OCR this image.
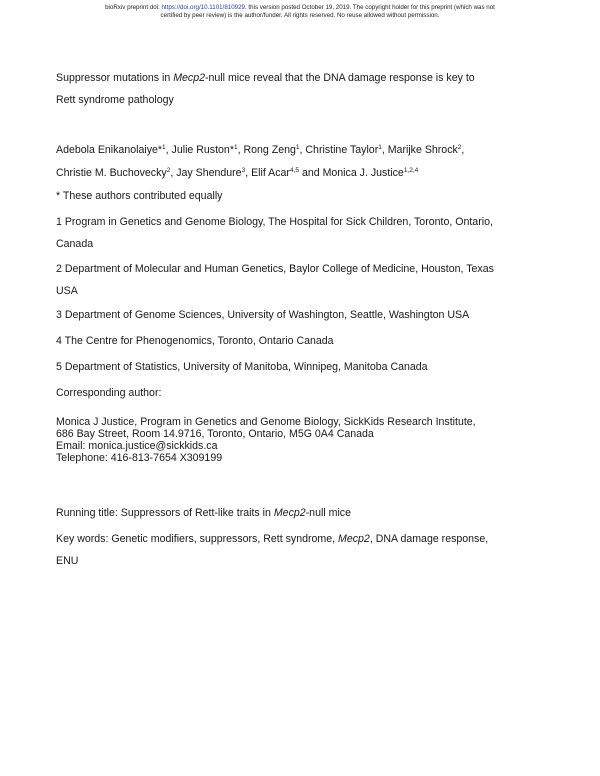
bioRxiv preprint doi: https://doi.org/10.1101/810929. this version posted October 19, 2019. The copyright holder for this preprint (which was not
certified by peer review) is the author/funder. All rights reserved. No reuse allowed without permission.
Suppressor mutations in Mecp2-null mice reveal that the DNA damage response is key to
Rett syndrome pathology
Adebola Enikanolaiye*$^1$, Julie Ruston*$^1$, Rong Zeng$^1$, Christine Taylor$^1$, Marijke Shrock$^2$,
Christie M. Buchovecky$^2$, Jay Shendure$^3$, Elif Acar$^{4,5}$ and Monica J. Justice$^{1,2,4}$
* These authors contributed equally
1 Program in Genetics and Genome Biology, The Hospital for Sick Children, Toronto, Ontario,
Canada
2 Department of Molecular and Human Genetics, Baylor College of Medicine, Houston, Texas
USA
3 Department of Genome Sciences, University of Washington, Seattle, Washington USA
4 The Centre for Phenogenomics, Toronto, Ontario Canada
5 Department of Statistics, University of Manitoba, Winnipeg, Manitoba Canada
Corresponding author:
Monica J Justice, Program in Genetics and Genome Biology, SickKids Research Institute,
686 Bay Street, Room 14.9716, Toronto, Ontario, M5G 0A4 Canada
Email: monica.justice@sickkids.ca
Telephone: 416-813-7654 X309199
Running title: Suppressors of Rett-like traits in Mecp2-null mice
Key words: Genetic modifiers, suppressors, Rett syndrome, Mecp2, DNA damage response,
ENU
